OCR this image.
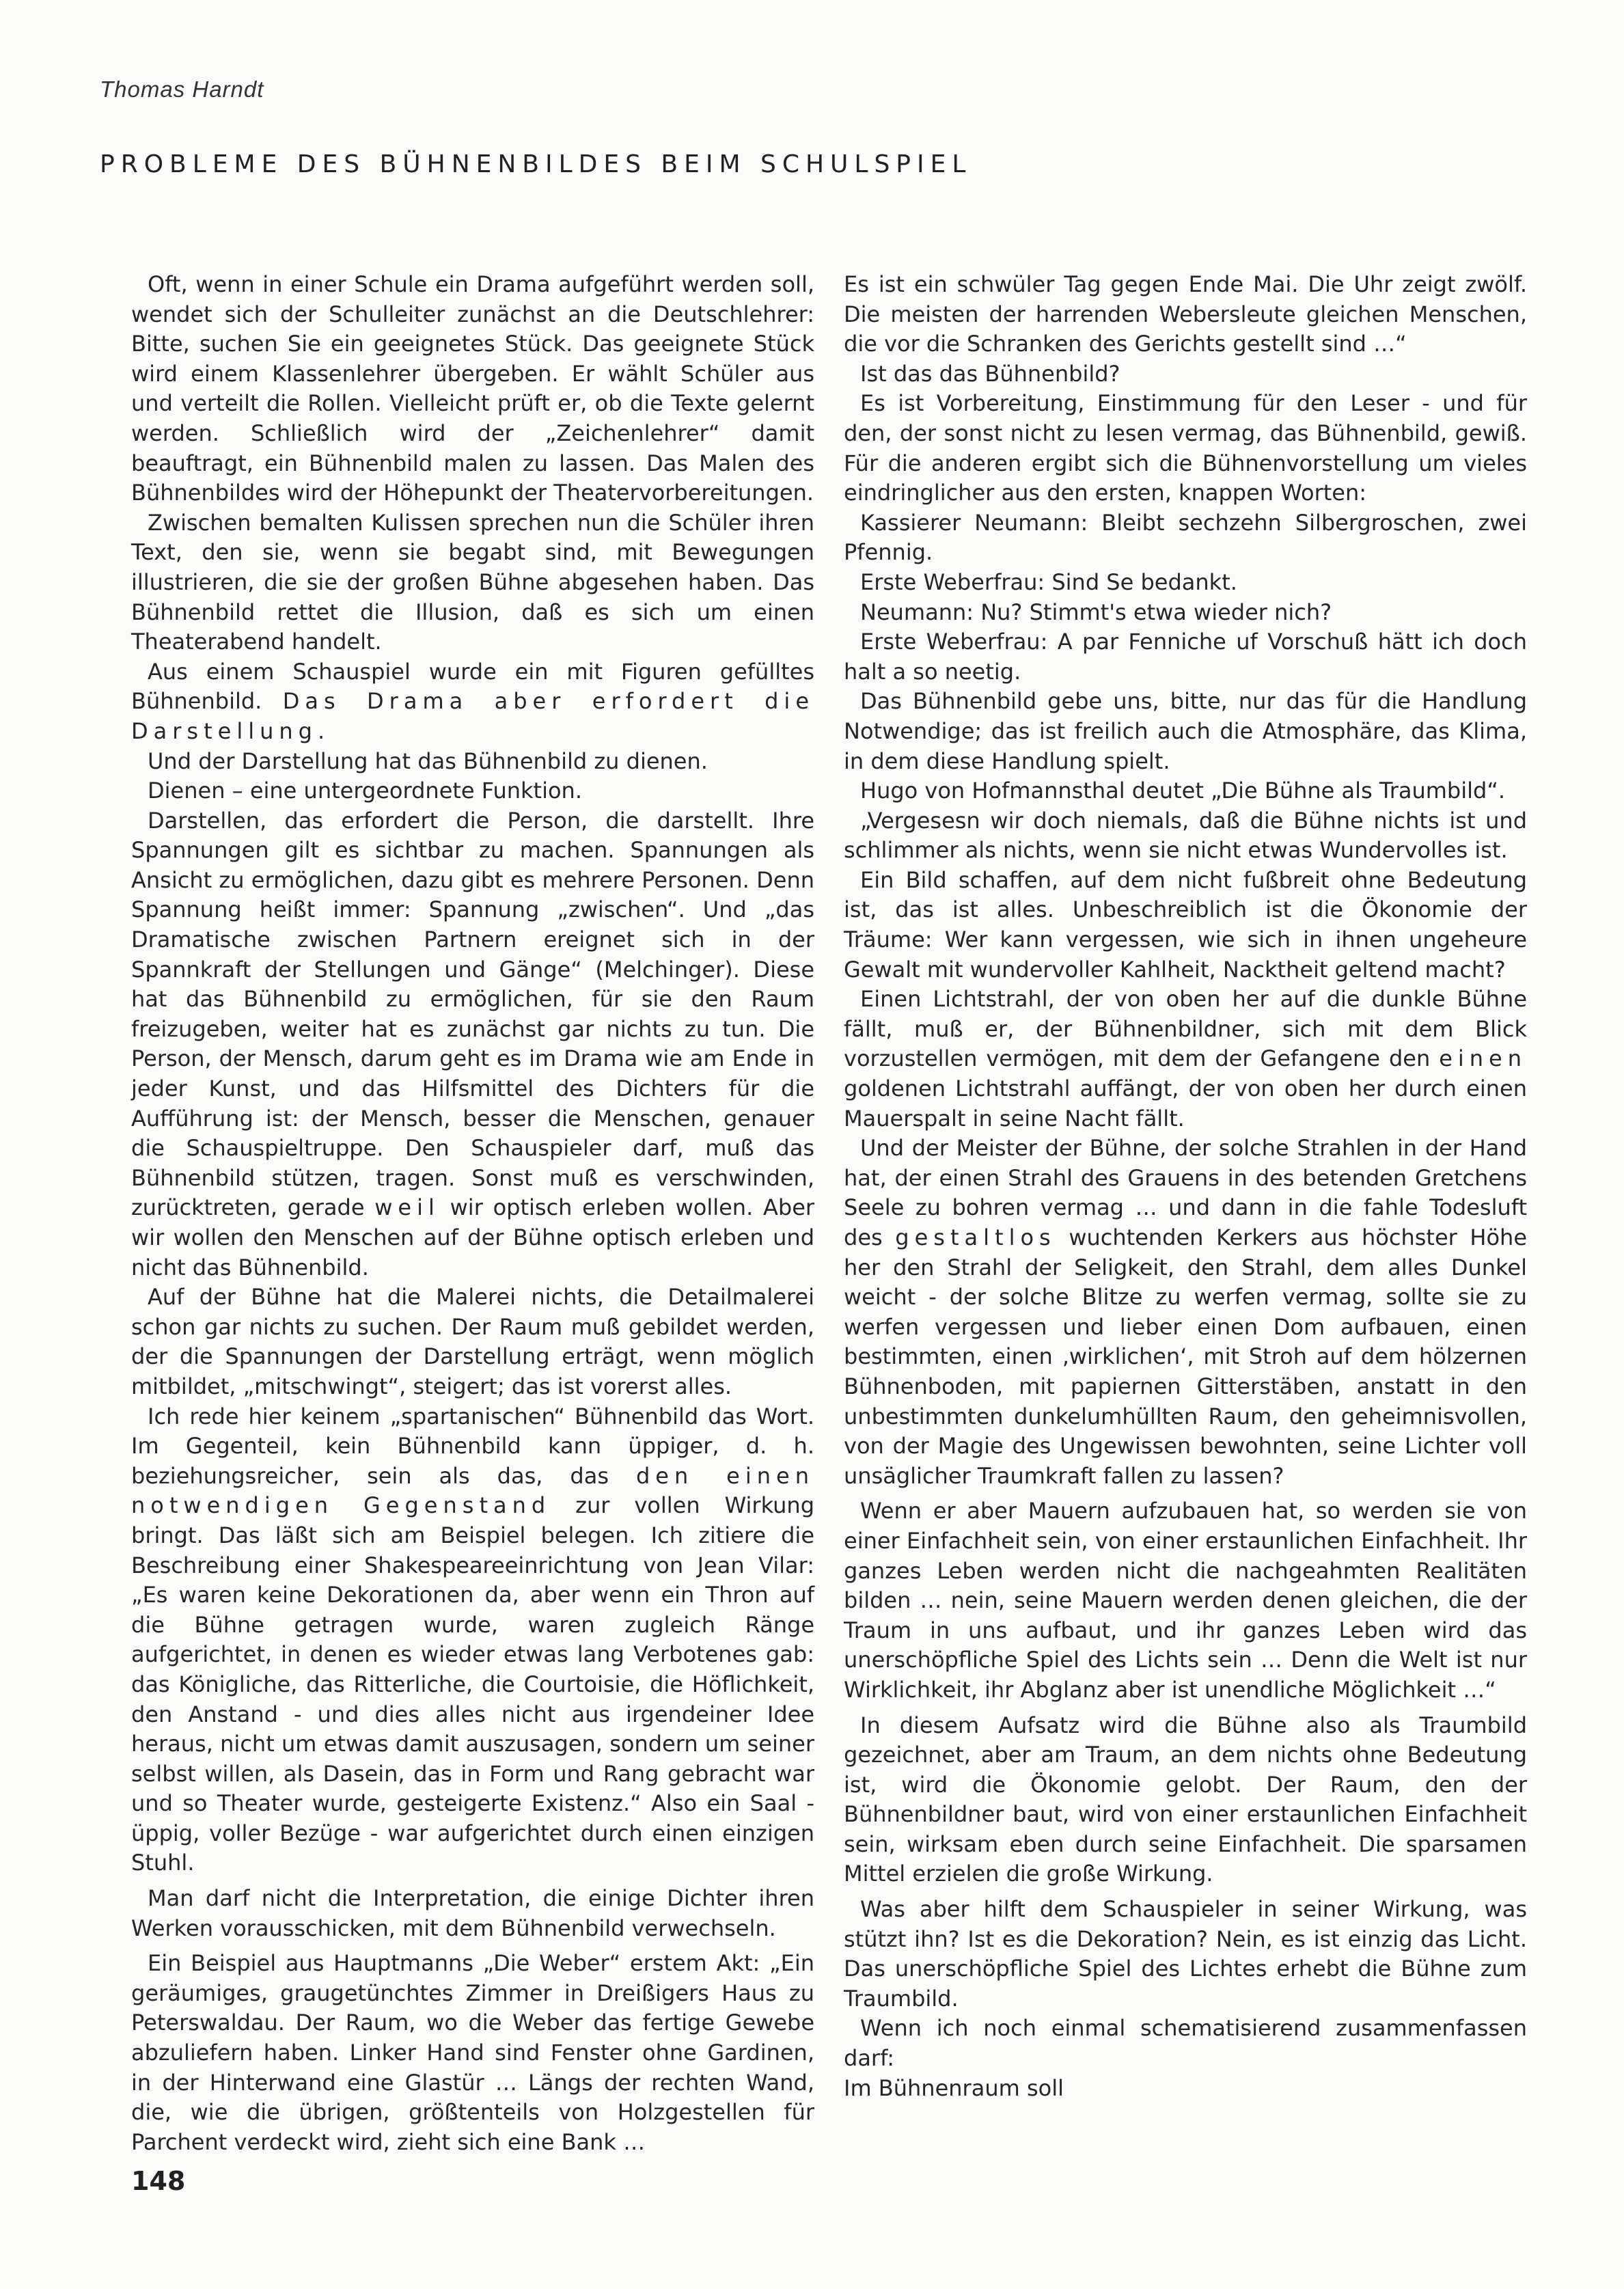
Thomas Harndt
PROBLEME DES BÜHNENBILDES BEIM SCHULSPIEL

Oft, wenn in einer Schule ein Drama aufgeführt werden soll, wendet sich der Schulleiter zunächst an die Deutschlehrer: Bitte, suchen Sie ein geeignetes Stück. Das geeignete Stück wird einem Klassenlehrer übergeben. Er wählt Schüler aus und verteilt die Rollen. Vielleicht prüft er, ob die Texte gelernt werden. Schließlich wird der „Zeichenlehrer“ damit beauftragt, ein Bühnenbild malen zu lassen. Das Malen des Bühnenbildes wird der Höhepunkt der Theatervorbereitungen.

Zwischen bemalten Kulissen sprechen nun die Schüler ihren Text, den sie, wenn sie begabt sind, mit Bewegungen illustrieren, die sie der großen Bühne abgesehen haben. Das Bühnenbild rettet die Illusion, daß es sich um einen Theaterabend handelt.

Aus einem Schauspiel wurde ein mit Figuren gefülltes Bühnenbild. Das Drama aber erfordert die Darstellung.

Und der Darstellung hat das Bühnenbild zu dienen.

Dienen – eine untergeordnete Funktion.

Darstellen, das erfordert die Person, die darstellt. Ihre Spannungen gilt es sichtbar zu machen. Spannungen als Ansicht zu ermöglichen, dazu gibt es mehrere Personen. Denn Spannung heißt immer: Spannung „zwischen“. Und „das Dramatische zwischen Partnern ereignet sich in der Spannkraft der Stellungen und Gänge“ (Melchinger). Diese hat das Bühnenbild zu ermöglichen, für sie den Raum freizugeben, weiter hat es zunächst gar nichts zu tun. Die Person, der Mensch, darum geht es im Drama wie am Ende in jeder Kunst, und das Hilfsmittel des Dichters für die Aufführung ist: der Mensch, besser die Menschen, genauer die Schauspieltruppe. Den Schauspieler darf, muß das Bühnenbild stützen, tragen. Sonst muß es verschwinden, zurücktreten, gerade weil wir optisch erleben wollen. Aber wir wollen den Menschen auf der Bühne optisch erleben und nicht das Bühnenbild.

Auf der Bühne hat die Malerei nichts, die Detailmalerei schon gar nichts zu suchen. Der Raum muß gebildet werden, der die Spannungen der Darstellung erträgt, wenn möglich mitbildet, „mitschwingt“, steigert; das ist vorerst alles.

Ich rede hier keinem „spartanischen“ Bühnenbild das Wort. Im Gegenteil, kein Bühnenbild kann üppiger, d. h. beziehungsreicher, sein als das, das den einen notwendigen Gegenstand zur vollen Wirkung bringt. Das läßt sich am Beispiel belegen. Ich zitiere die Beschreibung einer Shakespeareeinrichtung von Jean Vilar: „Es waren keine Dekorationen da, aber wenn ein Thron auf die Bühne getragen wurde, waren zugleich Ränge aufgerichtet, in denen es wieder etwas lang Verbotenes gab: das Königliche, das Ritterliche, die Courtoisie, die Höflichkeit, den Anstand - und dies alles nicht aus irgendeiner Idee heraus, nicht um etwas damit auszusagen, sondern um seiner selbst willen, als Dasein, das in Form und Rang gebracht war und so Theater wurde, gesteigerte Existenz.“ Also ein Saal - üppig, voller Bezüge - war aufgerichtet durch einen einzigen Stuhl.

Man darf nicht die Interpretation, die einige Dichter ihren Werken vorausschicken, mit dem Bühnenbild verwechseln.

Ein Beispiel aus Hauptmanns „Die Weber“ erstem Akt: „Ein geräumiges, graugetünchtes Zimmer in Dreißigers Haus zu Peterswaldau. Der Raum, wo die Weber das fertige Gewebe abzuliefern haben. Linker Hand sind Fenster ohne Gardinen, in der Hinterwand eine Glastür … Längs der rechten Wand, die, wie die übrigen, größtenteils von Holzgestellen für Parchent verdeckt wird, zieht sich eine Bank …

Es ist ein schwüler Tag gegen Ende Mai. Die Uhr zeigt zwölf. Die meisten der harrenden Webersleute gleichen Menschen, die vor die Schranken des Gerichts gestellt sind …“

Ist das das Bühnenbild?

Es ist Vorbereitung, Einstimmung für den Leser - und für den, der sonst nicht zu lesen vermag, das Bühnenbild, gewiß. Für die anderen ergibt sich die Bühnenvorstellung um vieles eindringlicher aus den ersten, knappen Worten:

Kassierer Neumann: Bleibt sechzehn Silbergroschen, zwei Pfennig.

Erste Weberfrau: Sind Se bedankt.

Neumann: Nu? Stimmt's etwa wieder nich?

Erste Weberfrau: A par Fenniche uf Vorschuß hätt ich doch halt a so neetig.

Das Bühnenbild gebe uns, bitte, nur das für die Handlung Notwendige; das ist freilich auch die Atmosphäre, das Klima, in dem diese Handlung spielt.

Hugo von Hofmannsthal deutet „Die Bühne als Traumbild“.

„Vergesesn wir doch niemals, daß die Bühne nichts ist und schlimmer als nichts, wenn sie nicht etwas Wundervolles ist.

Ein Bild schaffen, auf dem nicht fußbreit ohne Bedeutung ist, das ist alles. Unbeschreiblich ist die Ökonomie der Träume: Wer kann vergessen, wie sich in ihnen ungeheure Gewalt mit wundervoller Kahlheit, Nacktheit geltend macht?

Einen Lichtstrahl, der von oben her auf die dunkle Bühne fällt, muß er, der Bühnenbildner, sich mit dem Blick vorzustellen vermögen, mit dem der Gefangene den einen goldenen Lichtstrahl auffängt, der von oben her durch einen Mauerspalt in seine Nacht fällt.

Und der Meister der Bühne, der solche Strahlen in der Hand hat, der einen Strahl des Grauens in des betenden Gretchens Seele zu bohren vermag … und dann in die fahle Todesluft des gestaltlos wuchtenden Kerkers aus höchster Höhe her den Strahl der Seligkeit, den Strahl, dem alles Dunkel weicht - der solche Blitze zu werfen vermag, sollte sie zu werfen vergessen und lieber einen Dom aufbauen, einen bestimmten, einen ‚wirklichen‘, mit Stroh auf dem hölzernen Bühnenboden, mit papiernen Gitterstäben, anstatt in den unbestimmten dunkelumhüllten Raum, den geheimnisvollen, von der Magie des Ungewissen bewohnten, seine Lichter voll unsäglicher Traumkraft fallen zu lassen?

Wenn er aber Mauern aufzubauen hat, so werden sie von einer Einfachheit sein, von einer erstaunlichen Einfachheit. Ihr ganzes Leben werden nicht die nachgeahmten Realitäten bilden … nein, seine Mauern werden denen gleichen, die der Traum in uns aufbaut, und ihr ganzes Leben wird das unerschöpfliche Spiel des Lichts sein … Denn die Welt ist nur Wirklichkeit, ihr Abglanz aber ist unendliche Möglichkeit …“

In diesem Aufsatz wird die Bühne also als Traumbild gezeichnet, aber am Traum, an dem nichts ohne Bedeutung ist, wird die Ökonomie gelobt. Der Raum, den der Bühnenbildner baut, wird von einer erstaunlichen Einfachheit sein, wirksam eben durch seine Einfachheit. Die sparsamen Mittel erzielen die große Wirkung.

Was aber hilft dem Schauspieler in seiner Wirkung, was stützt ihn? Ist es die Dekoration? Nein, es ist einzig das Licht. Das unerschöpfliche Spiel des Lichtes erhebt die Bühne zum Traumbild.

Wenn ich noch einmal schematisierend zusammenfassen darf:

Im Bühnenraum soll

148
